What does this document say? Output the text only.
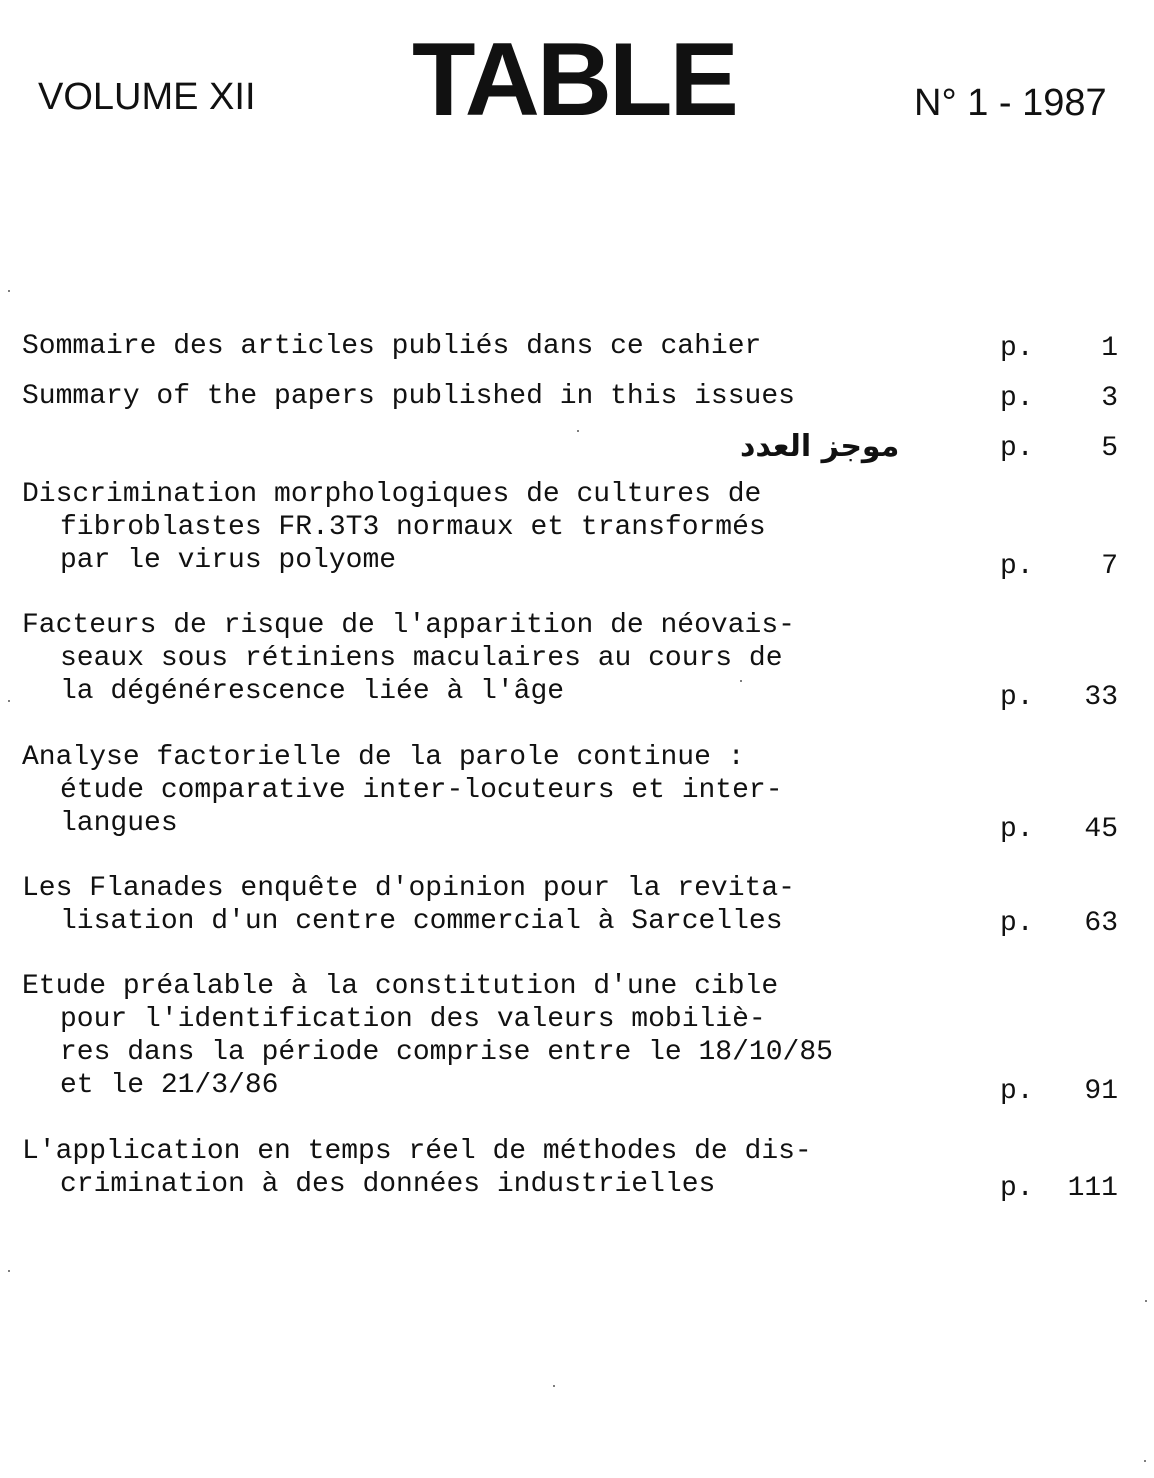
VOLUME XII TABLE	N° 1 - 1987
Sommaire des articles publiés dans ce cahier	p. 1
Summary of the papers published in this issues	p. 3
موجز العدد	p. 5
Discrimination morphologiques de cultures de
fibroblastes FR.3T3 normaux et transformés
par le virus polyome	p. 7
Facteurs de risque de l'apparition de néovais-
seaux sous rétiniens maculaires au cours de
la dégénérescence liée à l'âge	p. 33
Analyse factorielle de la parole continue :
étude comparative inter-locuteurs et inter-
langues	p. 45
Les Flanades enquête d'opinion pour la revita-
lisation d'un centre commercial à Sarcelles	p. 63
Etude préalable à la constitution d'une cible
pour l'identification des valeurs mobiliè-
res dans la période comprise entre le 18/10/85
et le 21/3/86	p. 91
L'application en temps réel de méthodes de dis-
crimination à des données industrielles	p. 111
